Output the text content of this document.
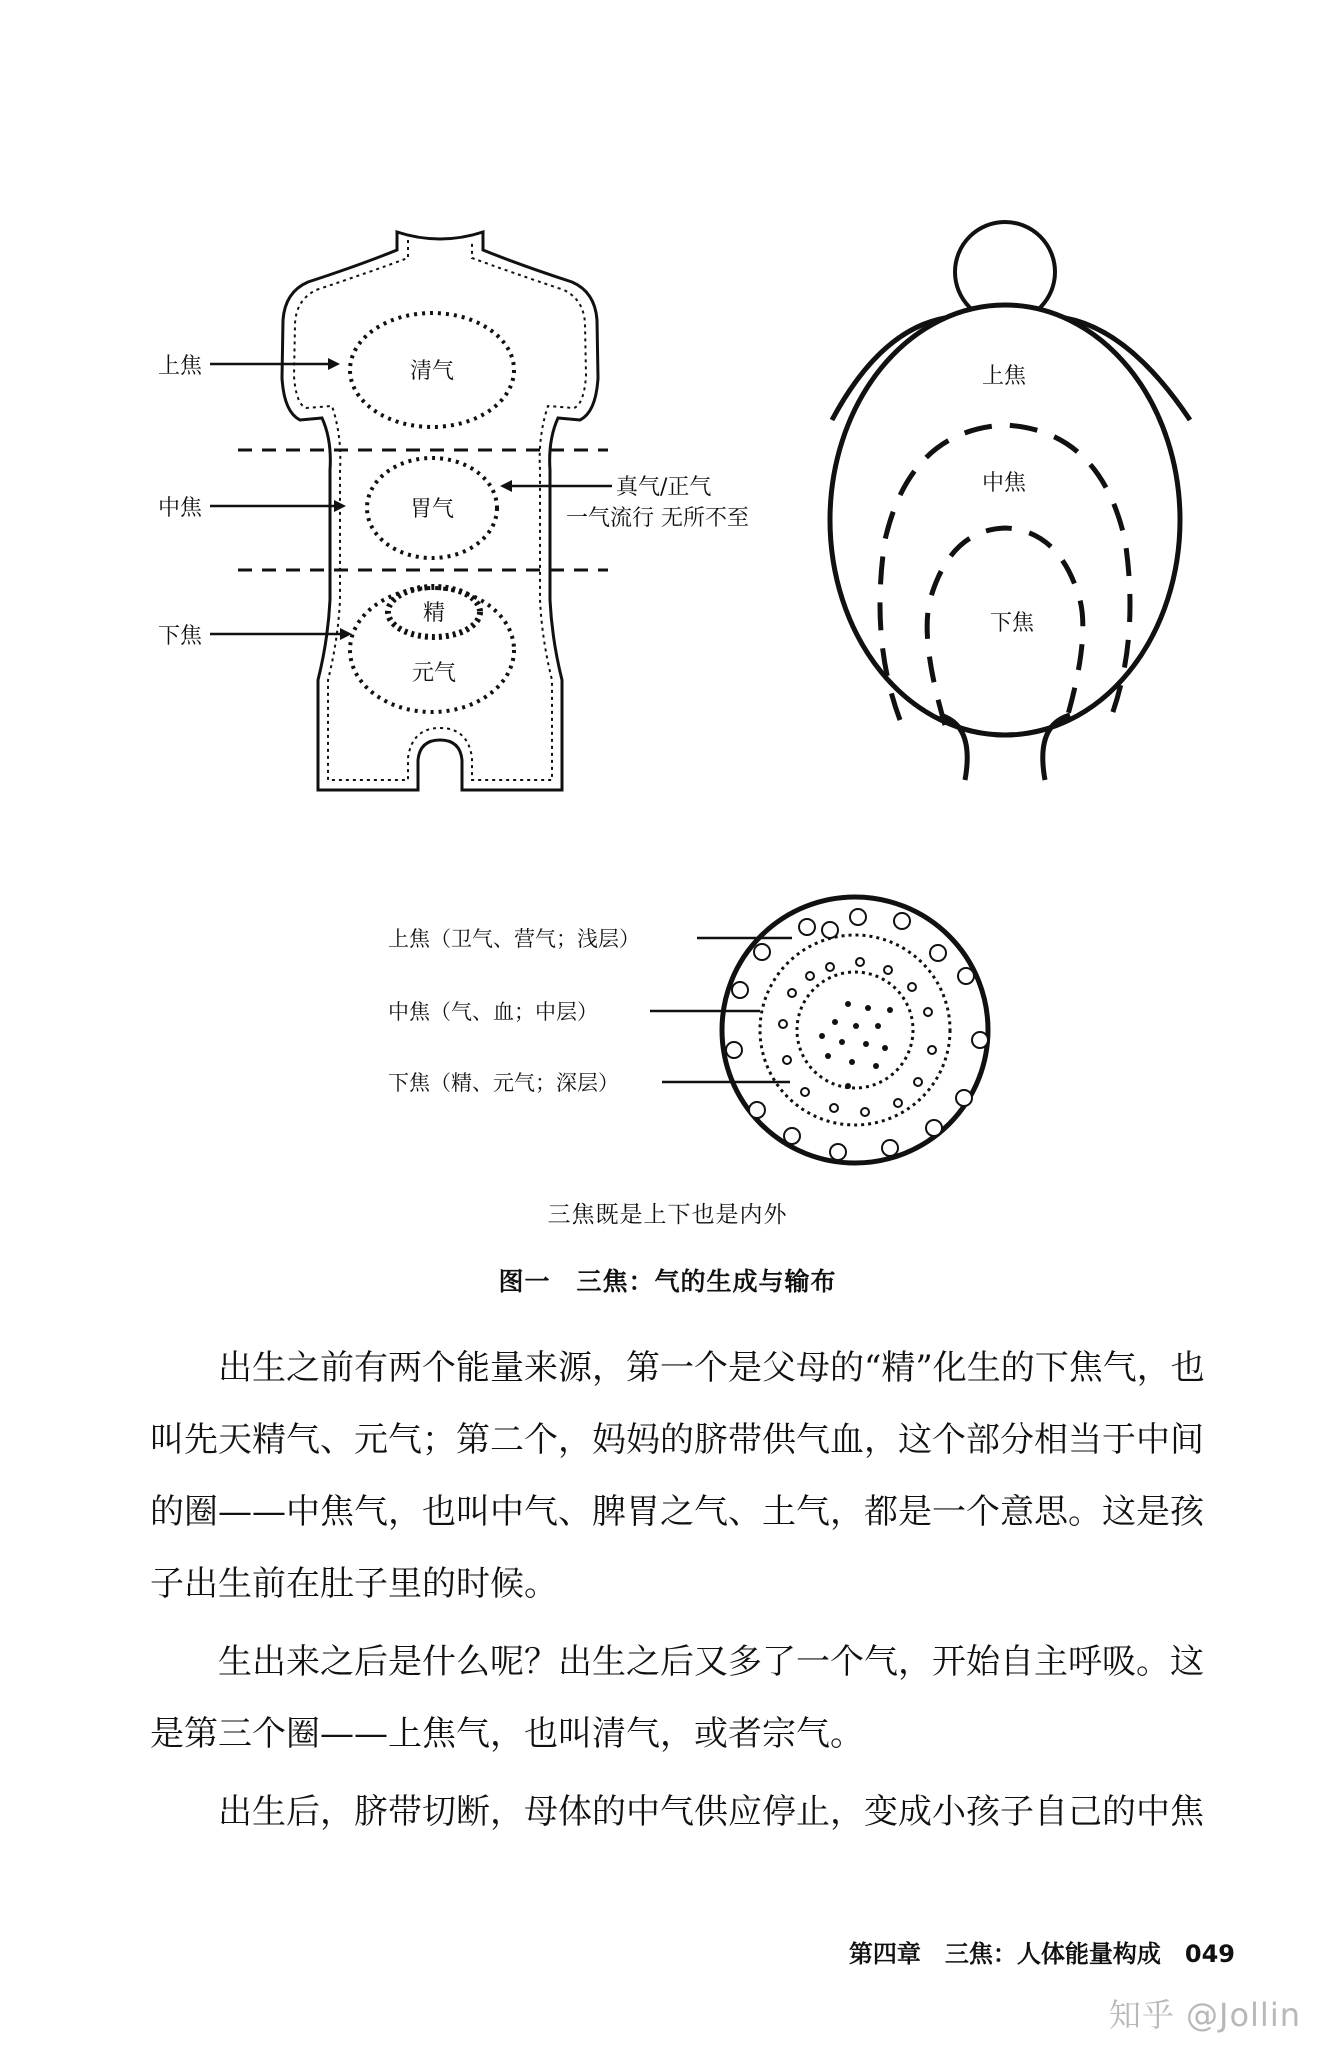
上焦
中焦
下焦
清气
胃气
精
元气
真气/正气
一气流行 无所不至
上焦
中焦
下焦
上焦（卫气、营气；浅层）
中焦（气、血；中层）
下焦（精、元气；深层）
三焦既是上下也是内外
图一　三焦：气的生成与输布

出生之前有两个能量来源，第一个是父母的“精”化生的下焦气，也叫先天精气、元气；第二个，妈妈的脐带供气血，这个部分相当于中间的圈——中焦气，也叫中气、脾胃之气、土气，都是一个意思。这是孩子出生前在肚子里的时候。

生出来之后是什么呢？出生之后又多了一个气，开始自主呼吸。这是第三个圈——上焦气，也叫清气，或者宗气。

出生后，脐带切断，母体的中气供应停止，变成小孩子自己的中焦

第四章　三焦：人体能量构成　049
知乎 @Jollin
